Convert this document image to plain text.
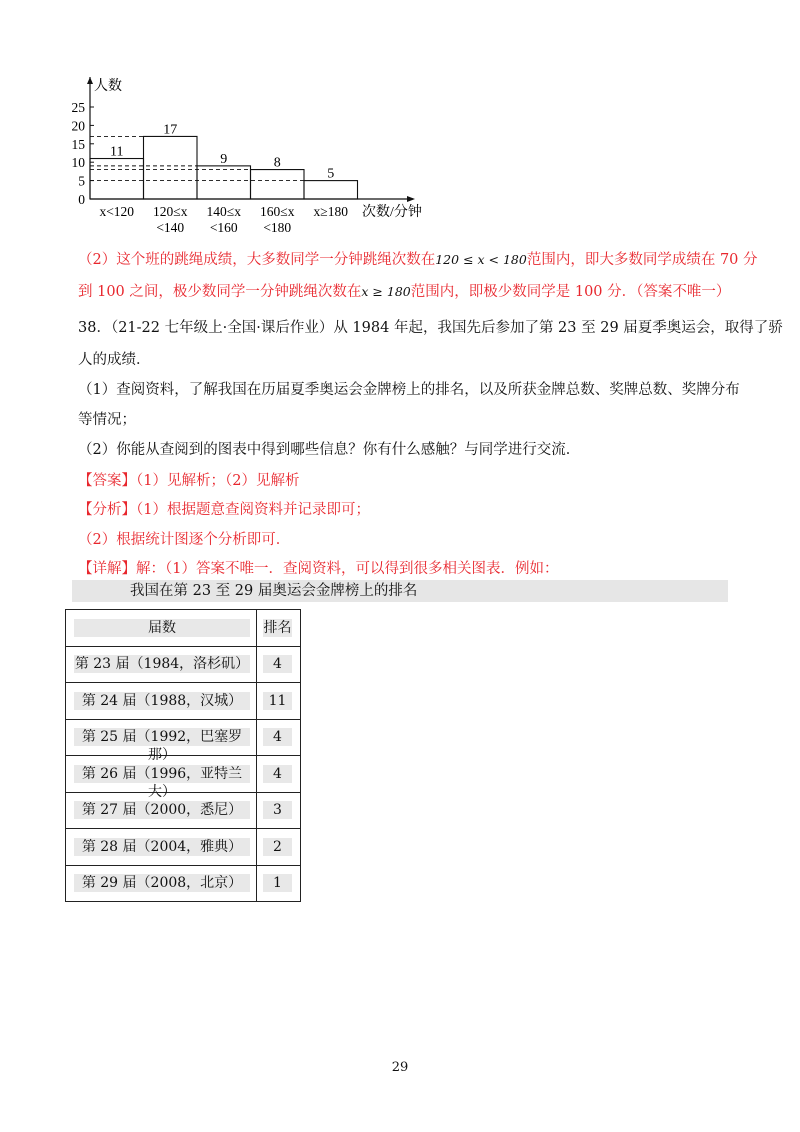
人数
次数/分钟
0
5
10
15
20
25
11
x<120
17
120≤x
<140
9
140≤x
<160
8
160≤x
<180
5
x≥180
（2）这个班的跳绳成绩，大多数同学一分钟跳绳次数在120 ≤ x < 180范围内，即大多数同学成绩在 70 分
到 100 之间，极少数同学一分钟跳绳次数在x ≥ 180范围内，即极少数同学是 100 分．（答案不唯一）
38．（21-22 七年级上·全国·课后作业）从 1984 年起，我国先后参加了第 23 至 29 届夏季奥运会，取得了骄
人的成绩．
（1）查阅资料，了解我国在历届夏季奥运会金牌榜上的排名，以及所获金牌总数、奖牌总数、奖牌分布
等情况；
（2）你能从查阅到的图表中得到哪些信息？你有什么感触？与同学进行交流．
【答案】（1）见解析；（2）见解析
【分析】（1）根据题意查阅资料并记录即可；
（2）根据统计图逐个分析即可．
【详解】解：（1）答案不唯一．查阅资料，可以得到很多相关图表．例如：
我国在第 23 至 29 届奥运会金牌榜上的排名
届数	排名

第 23 届（1984，洛杉矶）	4

第 24 届（1988，汉城）	11

第 25 届（1992，巴塞罗那）	4

第 26 届（1996，亚特兰大）	4

第 27 届（2000，悉尼）	3

第 28 届（2004，雅典）	2

第 29 届（2008，北京）	1
29
